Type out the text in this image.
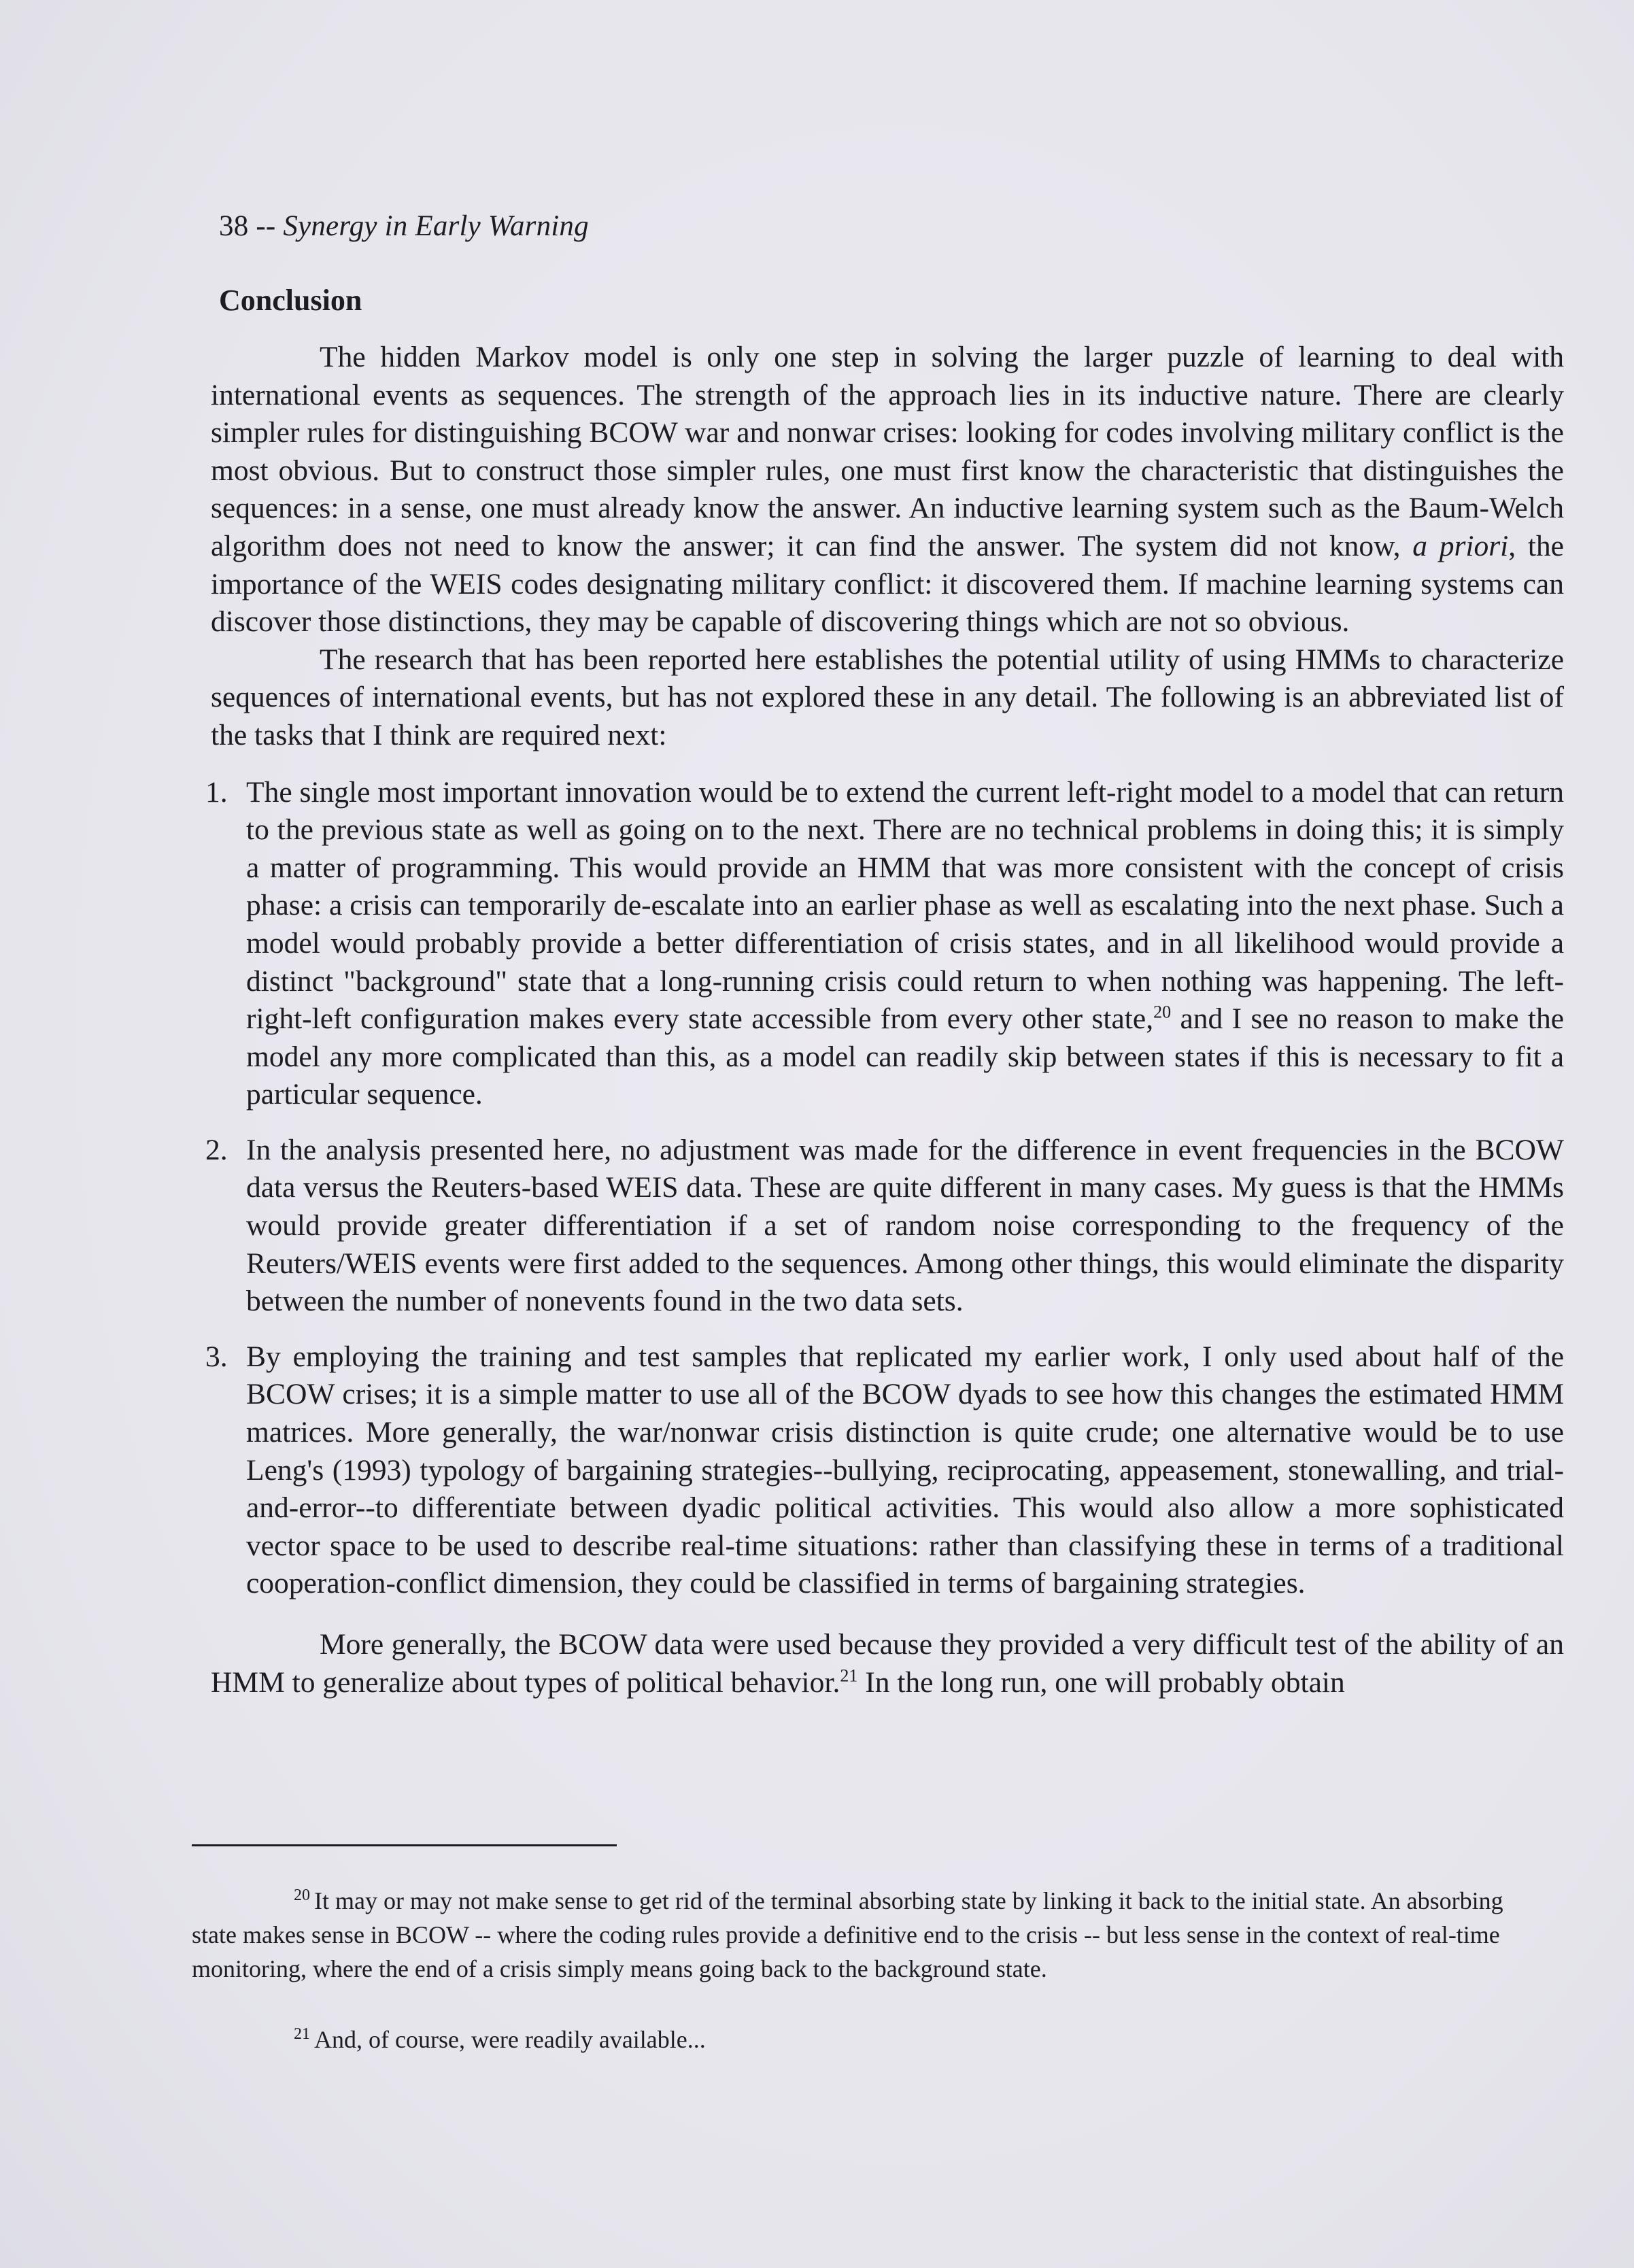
38 -- Synergy in Early Warning
Conclusion

The hidden Markov model is only one step in solving the larger puzzle of learning to deal with international events as sequences. The strength of the approach lies in its inductive nature. There are clearly simpler rules for distinguishing BCOW war and nonwar crises: looking for codes involving military conflict is the most obvious. But to construct those simpler rules, one must first know the characteristic that distinguishes the sequences: in a sense, one must already know the answer. An inductive learning system such as the Baum-Welch algorithm does not need to know the answer; it can find the answer. The system did not know, a priori, the importance of the WEIS codes designating military conflict: it discovered them. If machine learning systems can discover those distinctions, they may be capable of discovering things which are not so obvious.

The research that has been reported here establishes the potential utility of using HMMs to characterize sequences of international events, but has not explored these in any detail. The following is an abbreviated list of the tasks that I think are required next:

1. The single most important innovation would be to extend the current left-right model to a model that can return to the previous state as well as going on to the next. There are no technical problems in doing this; it is simply a matter of programming. This would provide an HMM that was more consistent with the concept of crisis phase: a crisis can temporarily de-escalate into an earlier phase as well as escalating into the next phase. Such a model would probably provide a better differentiation of crisis states, and in all likelihood would provide a distinct "background" state that a long-running crisis could return to when nothing was happening. The left-right-left configuration makes every state accessible from every other state,$^{20}$ and I see no reason to make the model any more complicated than this, as a model can readily skip between states if this is necessary to fit a particular sequence.
2. In the analysis presented here, no adjustment was made for the difference in event frequencies in the BCOW data versus the Reuters-based WEIS data. These are quite different in many cases. My guess is that the HMMs would provide greater differentiation if a set of random noise corresponding to the frequency of the Reuters/WEIS events were first added to the sequences. Among other things, this would eliminate the disparity between the number of nonevents found in the two data sets.
3. By employing the training and test samples that replicated my earlier work, I only used about half of the BCOW crises; it is a simple matter to use all of the BCOW dyads to see how this changes the estimated HMM matrices. More generally, the war/nonwar crisis distinction is quite crude; one alternative would be to use Leng's (1993) typology of bargaining strategies--bullying, reciprocating, appeasement, stonewalling, and trial-and-error--to differentiate between dyadic political activities. This would also allow a more sophisticated vector space to be used to describe real-time situations: rather than classifying these in terms of a traditional cooperation-conflict dimension, they could be classified in terms of bargaining strategies.

More generally, the BCOW data were used because they provided a very difficult test of the ability of an HMM to generalize about types of political behavior.$^{21}$ In the long run, one will probably obtain

$^{20}$ It may or may not make sense to get rid of the terminal absorbing state by linking it back to the initial state. An absorbing state makes sense in BCOW -- where the coding rules provide a definitive end to the crisis -- but less sense in the context of real-time monitoring, where the end of a crisis simply means going back to the background state.

$^{21}$ And, of course, were readily available...
